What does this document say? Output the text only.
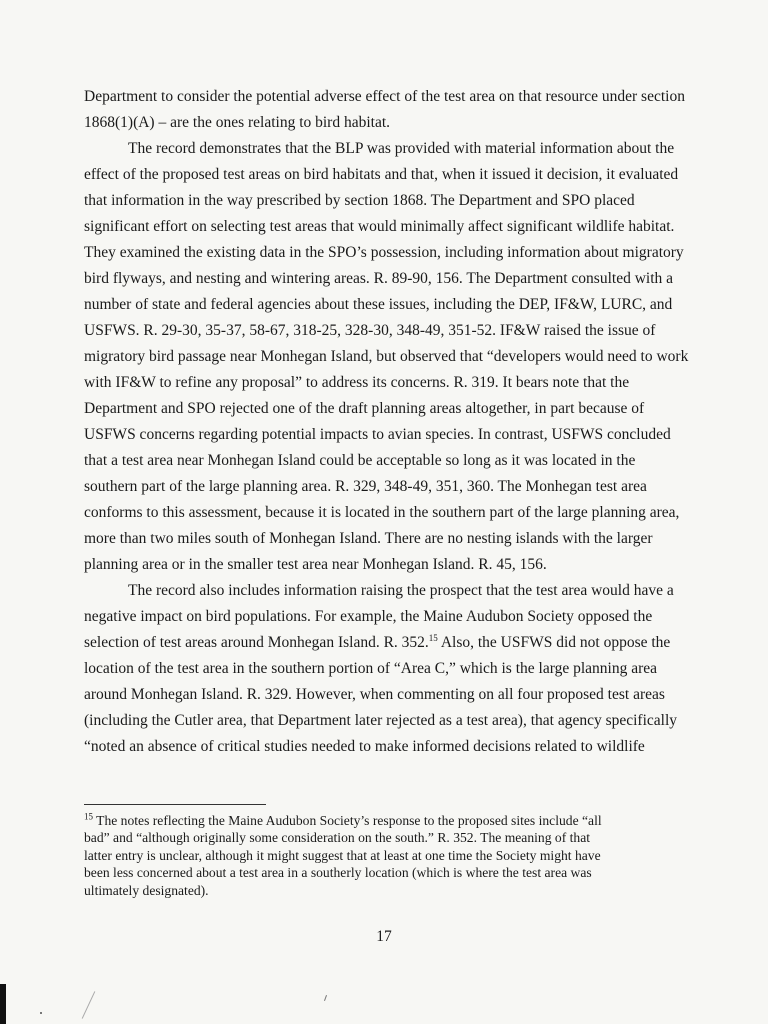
Department to consider the potential adverse effect of the test area on that resource under section
1868(1)(A) – are the ones relating to bird habitat.
The record demonstrates that the BLP was provided with material information about the
effect of the proposed test areas on bird habitats and that, when it issued it decision, it evaluated
that information in the way prescribed by section 1868. The Department and SPO placed
significant effort on selecting test areas that would minimally affect significant wildlife habitat.
They examined the existing data in the SPO’s possession, including information about migratory
bird flyways, and nesting and wintering areas. R. 89-90, 156. The Department consulted with a
number of state and federal agencies about these issues, including the DEP, IF&W, LURC, and
USFWS. R. 29-30, 35-37, 58-67, 318-25, 328-30, 348-49, 351-52. IF&W raised the issue of
migratory bird passage near Monhegan Island, but observed that “developers would need to work
with IF&W to refine any proposal” to address its concerns. R. 319. It bears note that the
Department and SPO rejected one of the draft planning areas altogether, in part because of
USFWS concerns regarding potential impacts to avian species. In contrast, USFWS concluded
that a test area near Monhegan Island could be acceptable so long as it was located in the
southern part of the large planning area. R. 329, 348-49, 351, 360. The Monhegan test area
conforms to this assessment, because it is located in the southern part of the large planning area,
more than two miles south of Monhegan Island. There are no nesting islands with the larger
planning area or in the smaller test area near Monhegan Island. R. 45, 156.
The record also includes information raising the prospect that the test area would have a
negative impact on bird populations. For example, the Maine Audubon Society opposed the
selection of test areas around Monhegan Island. R. 352.15 Also, the USFWS did not oppose the
location of the test area in the southern portion of “Area C,” which is the large planning area
around Monhegan Island. R. 329. However, when commenting on all four proposed test areas
(including the Cutler area, that Department later rejected as a test area), that agency specifically
“noted an absence of critical studies needed to make informed decisions related to wildlife
$^{15}$ The notes reflecting the Maine Audubon Society’s response to the proposed sites include “all
bad” and “although originally some consideration on the south.” R. 352. The meaning of that
latter entry is unclear, although it might suggest that at least at one time the Society might have
been less concerned about a test area in a southerly location (which is where the test area was
ultimately designated).
17
